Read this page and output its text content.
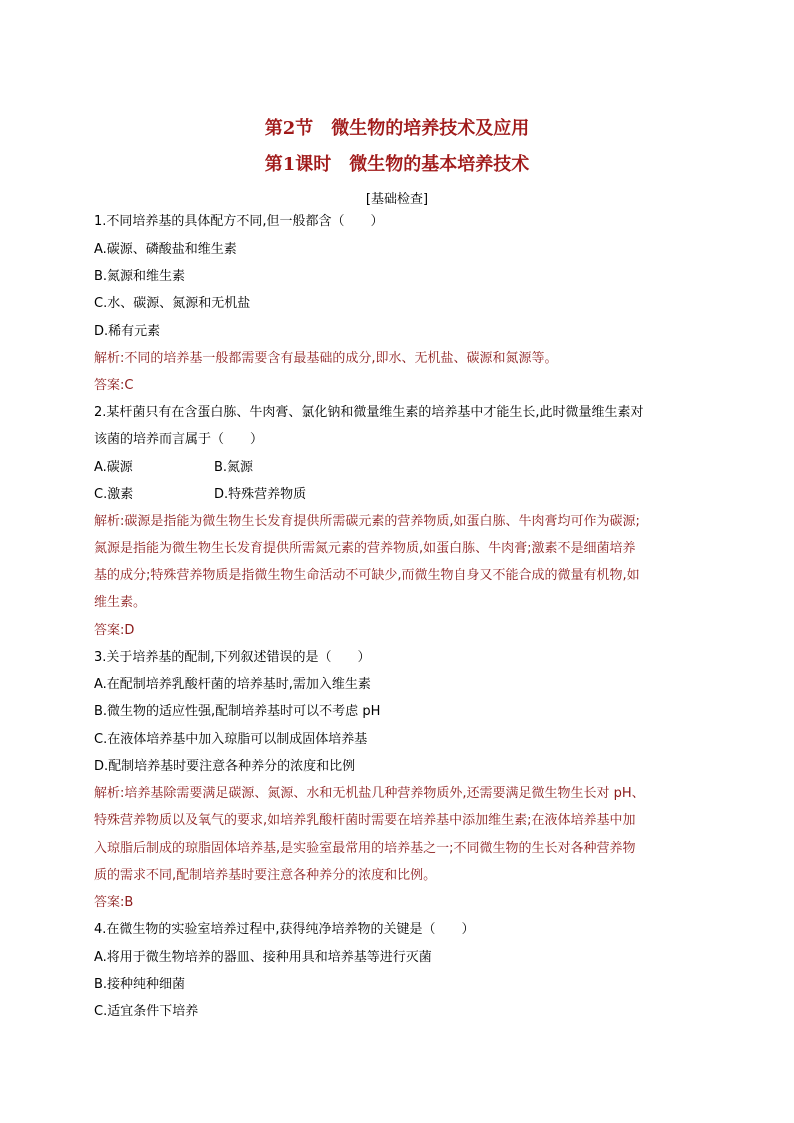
第2节　微生物的培养技术及应用
第1课时　微生物的基本培养技术
[基础检查]
1.不同培养基的具体配方不同,但一般都含（　　）
A.碳源、磷酸盐和维生素
B.氮源和维生素
C.水、碳源、氮源和无机盐
D.稀有元素
解析:不同的培养基一般都需要含有最基础的成分,即水、无机盐、碳源和氮源等。
答案:C
2.某杆菌只有在含蛋白胨、牛肉膏、氯化钠和微量维生素的培养基中才能生长,此时微量维生素对
该菌的培养而言属于（　　）
A.碳源	B.氮源
C.激素	D.特殊营养物质
解析:碳源是指能为微生物生长发育提供所需碳元素的营养物质,如蛋白胨、牛肉膏均可作为碳源;
氮源是指能为微生物生长发育提供所需氮元素的营养物质,如蛋白胨、牛肉膏;激素不是细菌培养
基的成分;特殊营养物质是指微生物生命活动不可缺少,而微生物自身又不能合成的微量有机物,如
维生素。
答案:D
3.关于培养基的配制,下列叙述错误的是（　　）
A.在配制培养乳酸杆菌的培养基时,需加入维生素
B.微生物的适应性强,配制培养基时可以不考虑 pH
C.在液体培养基中加入琼脂可以制成固体培养基
D.配制培养基时要注意各种养分的浓度和比例
解析:培养基除需要满足碳源、氮源、水和无机盐几种营养物质外,还需要满足微生物生长对 pH、
特殊营养物质以及氧气的要求,如培养乳酸杆菌时需要在培养基中添加维生素;在液体培养基中加
入琼脂后制成的琼脂固体培养基,是实验室最常用的培养基之一;不同微生物的生长对各种营养物
质的需求不同,配制培养基时要注意各种养分的浓度和比例。
答案:B
4.在微生物的实验室培养过程中,获得纯净培养物的关键是（　　）
A.将用于微生物培养的器皿、接种用具和培养基等进行灭菌
B.接种纯种细菌
C.适宜条件下培养
